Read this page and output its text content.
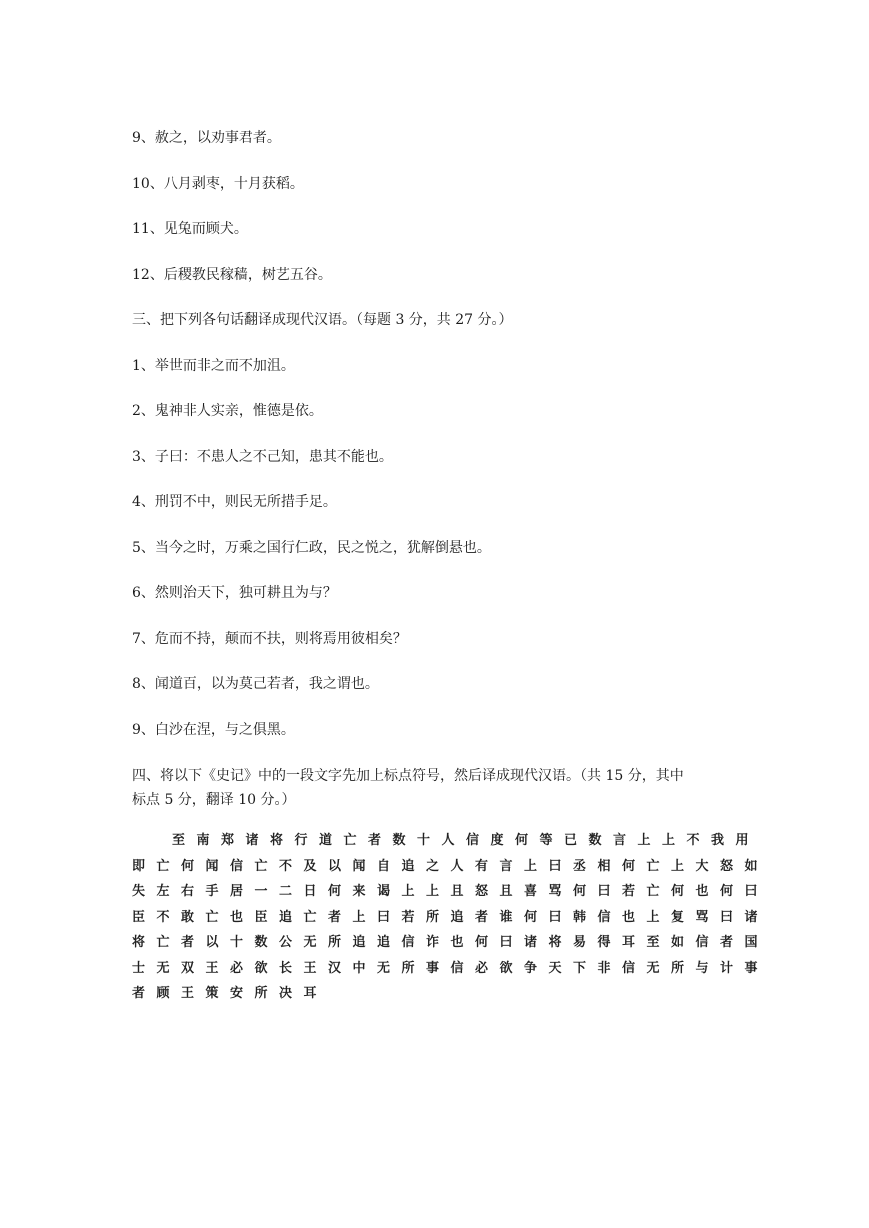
9、赦之，以劝事君者。
10、八月剥枣，十月获稻。
11、见兔而顾犬。
12、后稷教民稼穑，树艺五谷。
三、把下列各句话翻译成现代汉语。（每题 3 分，共 27 分。）
1、举世而非之而不加沮。
2、鬼神非人实亲，惟德是依。
3、子曰：不患人之不己知，患其不能也。
4、刑罚不中，则民无所措手足。
5、当今之时，万乘之国行仁政，民之悦之，犹解倒悬也。
6、然则治天下，独可耕且为与？
7、危而不持，颠而不扶，则将焉用彼相矣？
8、闻道百，以为莫己若者，我之谓也。
9、白沙在涅，与之俱黑。
四、将以下《史记》中的一段文字先加上标点符号，然后译成现代汉语。（共 15 分，其中
标点 5 分，翻译 10 分。）
至 南 郑 诸 将 行 道 亡 者 数 十 人 信 度 何 等 已 数 言 上 上 不 我 用
即 亡 何 闻 信 亡 不 及 以 闻 自 追 之 人 有 言 上 曰 丞 相 何 亡 上 大 怒 如
失 左 右 手 居 一 二 日 何 来 谒 上 上 且 怒 且 喜 骂 何 曰 若 亡 何 也 何 曰
臣 不 敢 亡 也 臣 追 亡 者 上 曰 若 所 追 者 谁 何 曰 韩 信 也 上 复 骂 曰 诸
将 亡 者 以 十 数 公 无 所 追 追 信 诈 也 何 曰 诸 将 易 得 耳 至 如 信 者 国
士 无 双 王 必 欲 长 王 汉 中 无 所 事 信 必 欲 争 天 下 非 信 无 所 与 计 事
者 顾 王 策 安 所 决 耳
